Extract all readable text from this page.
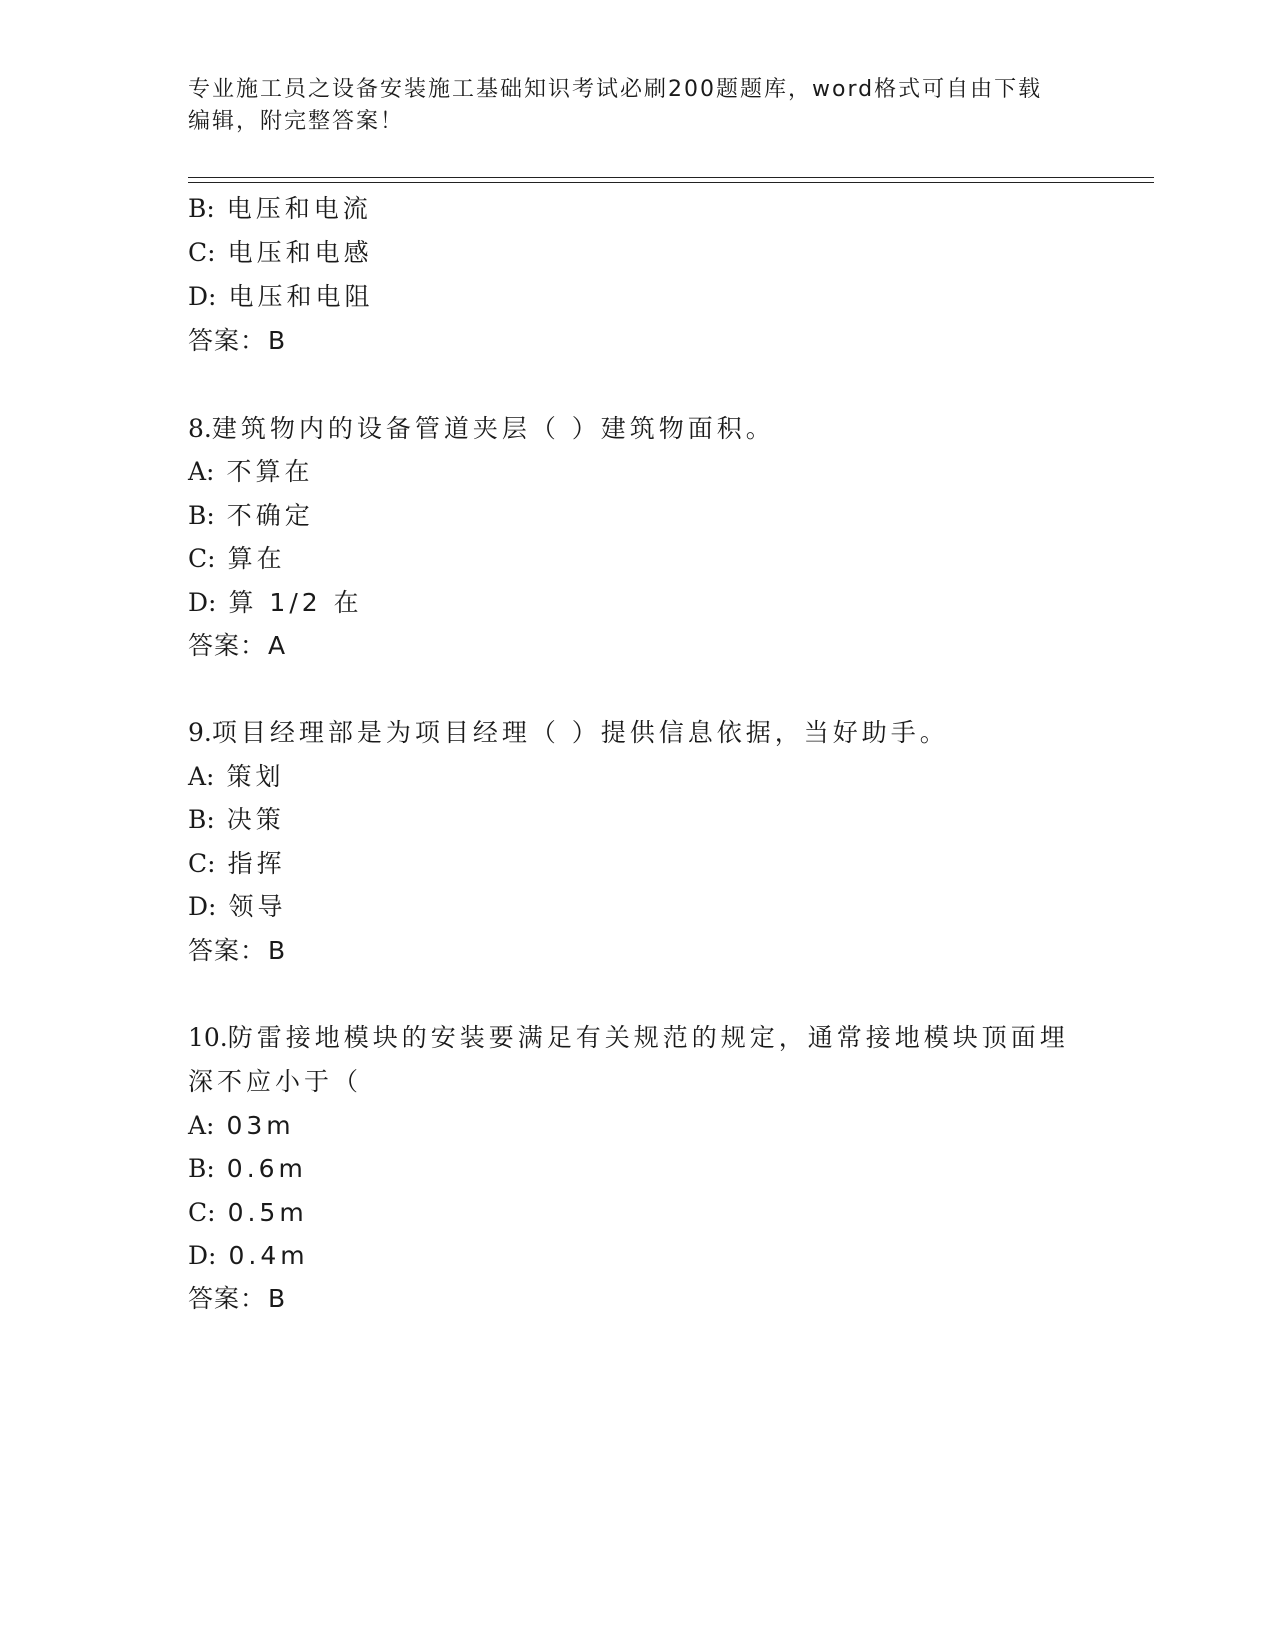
专业施工员之设备安装施工基础知识考试必刷200题题库，word格式可自由下载
编辑，附完整答案！
B: 电压和电流
C: 电压和电感
D: 电压和电阻
答案：B
8.建筑物内的设备管道夹层（ ）建筑物面积。
A: 不算在
B: 不确定
C: 算在
D: 算 1/2 在
答案：A
9.项目经理部是为项目经理（ ）提供信息依据，当好助手。
A: 策划
B: 决策
C: 指挥
D: 领导
答案：B
10.防雷接地模块的安装要满足有关规范的规定，通常接地模块顶面埋
深不应小于（
A: 03m
B: 0.6m
C: 0.5m
D: 0.4m
答案：B
